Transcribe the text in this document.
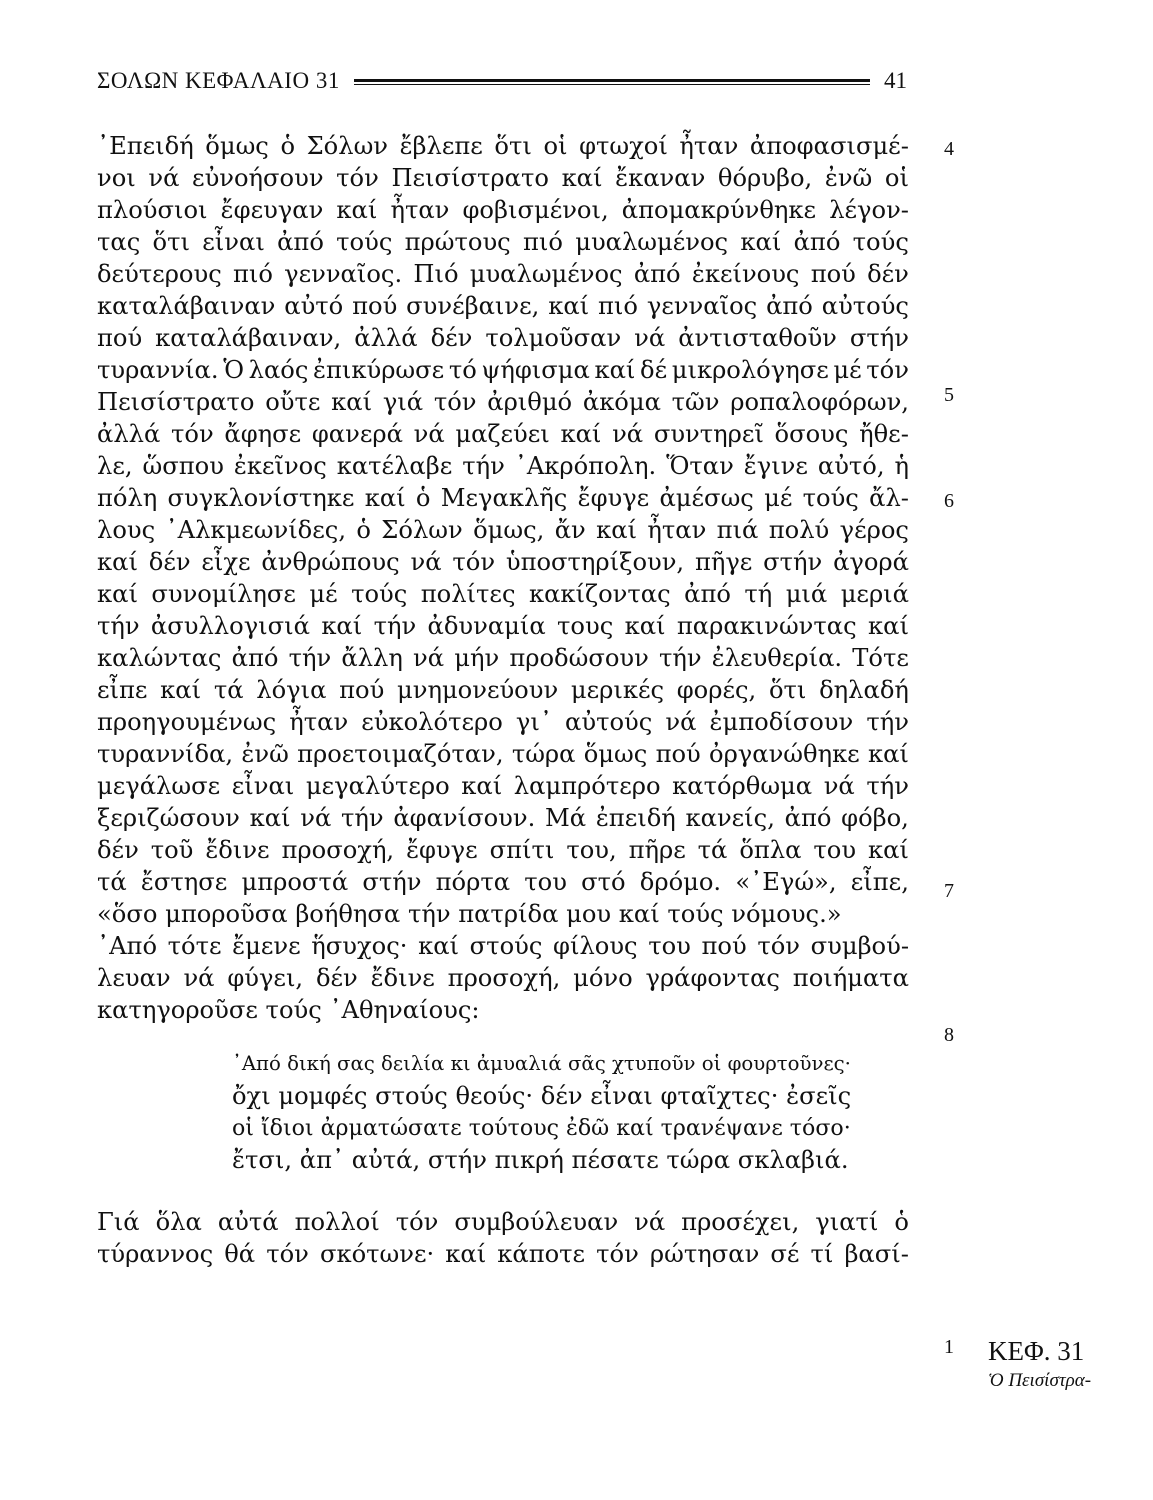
ΣΟΛΩΝ ΚΕΦΑΛΑΙΟ 31	41
᾿Επειδή ὅμως ὁ Σόλων ἔβλεπε ὅτι οἱ φτωχοί ἦταν ἀποφασισμέ-
νοι νά εὐνοήσουν τόν Πεισίστρατο καί ἔκαναν θόρυβο, ἐνῶ οἱ
πλούσιοι ἔφευγαν καί ἦταν φοβισμένοι, ἀπομακρύνθηκε λέγον-
τας ὅτι εἶναι ἀπό τούς πρώτους πιό μυαλωμένος καί ἀπό τούς
δεύτερους πιό γενναῖος. Πιό μυαλωμένος ἀπό ἐκείνους πού δέν
καταλάβαιναν αὐτό πού συνέβαινε, καί πιό γενναῖος ἀπό αὐτούς
πού καταλάβαιναν, ἀλλά δέν τολμοῦσαν νά ἀντισταθοῦν στήν
τυραννία. Ὁ λαός ἐπικύρωσε τό ψήφισμα καί δέ μικρολόγησε μέ τόν
Πεισίστρατο οὔτε καί γιά τόν ἀριθμό ἀκόμα τῶν ροπαλοφόρων,
ἀλλά τόν ἄφησε φανερά νά μαζεύει καί νά συντηρεῖ ὅσους ἤθε-
λε, ὥσπου ἐκεῖνος κατέλαβε τήν ᾿Ακρόπολη. Ὅταν ἔγινε αὐτό, ἡ
πόλη συγκλονίστηκε καί ὁ Μεγακλῆς ἔφυγε ἀμέσως μέ τούς ἄλ-
λους ᾿Αλκμεωνίδες, ὁ Σόλων ὅμως, ἄν καί ἦταν πιά πολύ γέρος
καί δέν εἶχε ἀνθρώπους νά τόν ὑποστηρίξουν, πῆγε στήν ἀγορά
καί συνομίλησε μέ τούς πολίτες κακίζοντας ἀπό τή μιά μεριά
τήν ἀσυλλογισιά καί τήν ἀδυναμία τους καί παρακινώντας καί
καλώντας ἀπό τήν ἄλλη νά μήν προδώσουν τήν ἐλευθερία. Τότε
εἶπε καί τά λόγια πού μνημονεύουν μερικές φορές, ὅτι δηλαδή
προηγουμένως ἦταν εὐκολότερο γι᾿ αὐτούς νά ἐμποδίσουν τήν
τυραννίδα, ἐνῶ προετοιμαζόταν, τώρα ὅμως πού ὀργανώθηκε καί
μεγάλωσε εἶναι μεγαλύτερο καί λαμπρότερο κατόρθωμα νά τήν
ξεριζώσουν καί νά τήν ἀφανίσουν. Μά ἐπειδή κανείς, ἀπό φόβο,
δέν τοῦ ἔδινε προσοχή, ἔφυγε σπίτι του, πῆρε τά ὅπλα του καί
τά ἔστησε μπροστά στήν πόρτα του στό δρόμο. «᾿Εγώ», εἶπε,
«ὅσο μποροῦσα βοήθησα τήν πατρίδα μου καί τούς νόμους.»
᾿Από τότε ἔμενε ἥσυχος· καί στούς φίλους του πού τόν συμβού-
λευαν νά φύγει, δέν ἔδινε προσοχή, μόνο γράφοντας ποιήματα
κατηγοροῦσε τούς ᾿Αθηναίους:
᾿Από δική σας δειλία κι ἀμυαλιά σᾶς χτυποῦν οἱ φουρτοῦνες·
ὄχι μομφές στούς θεούς· δέν εἶναι φταῖχτες· ἐσεῖς
οἱ ἴδιοι ἀρματώσατε τούτους ἐδῶ καί τρανέψανε τόσο·
ἔτσι, ἀπ᾿ αὐτά, στήν πικρή πέσατε τώρα σκλαβιά.
Γιά ὅλα αὐτά πολλοί τόν συμβούλευαν νά προσέχει, γιατί ὁ
τύραννος θά τόν σκότωνε· καί κάποτε τόν ρώτησαν σέ τί βασί-
4
5
6
7
8
1 ΚΕΦ. 31
Ὁ Πεισίστρα-
